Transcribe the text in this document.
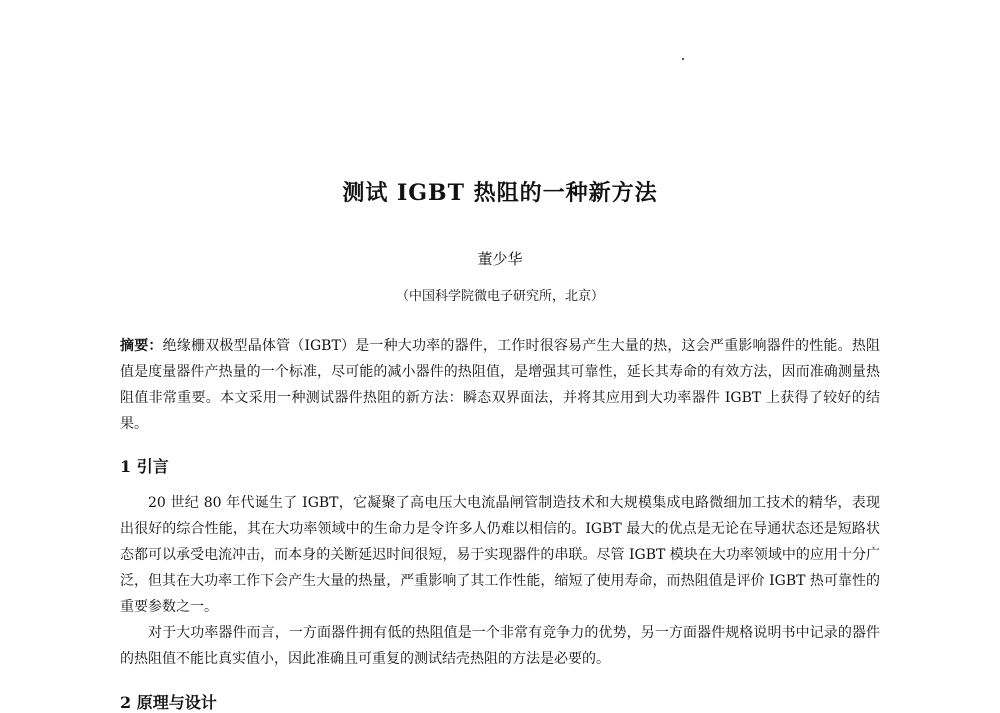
测试 IGBT 热阻的一种新方法
董少华
（中国科学院微电子研究所，北京）
摘要：绝缘栅双极型晶体管（IGBT）是一种大功率的器件，工作时很容易产生大量的热，这会严重影响器件的性能。热阻值是度量器件产热量的一个标准，尽可能的减小器件的热阻值，是增强其可靠性，延长其寿命的有效方法，因而准确测量热阻值非常重要。本文采用一种测试器件热阻的新方法：瞬态双界面法，并将其应用到大功率器件 IGBT 上获得了较好的结果。
1 引言

20 世纪 80 年代诞生了 IGBT，它凝聚了高电压大电流晶闸管制造技术和大规模集成电路微细加工技术的精华，表现出很好的综合性能，其在大功率领域中的生命力是令许多人仍难以相信的。IGBT 最大的优点是无论在导通状态还是短路状态都可以承受电流冲击，而本身的关断延迟时间很短，易于实现器件的串联。尽管 IGBT 模块在大功率领域中的应用十分广泛，但其在大功率工作下会产生大量的热量，严重影响了其工作性能，缩短了使用寿命，而热阻值是评价 IGBT 热可靠性的重要参数之一。

对于大功率器件而言，一方面器件拥有低的热阻值是一个非常有竞争力的优势，另一方面器件规格说明书中记录的器件的热阻值不能比真实值小，因此准确且可重复的测试结壳热阻的方法是必要的。

2 原理与设计
